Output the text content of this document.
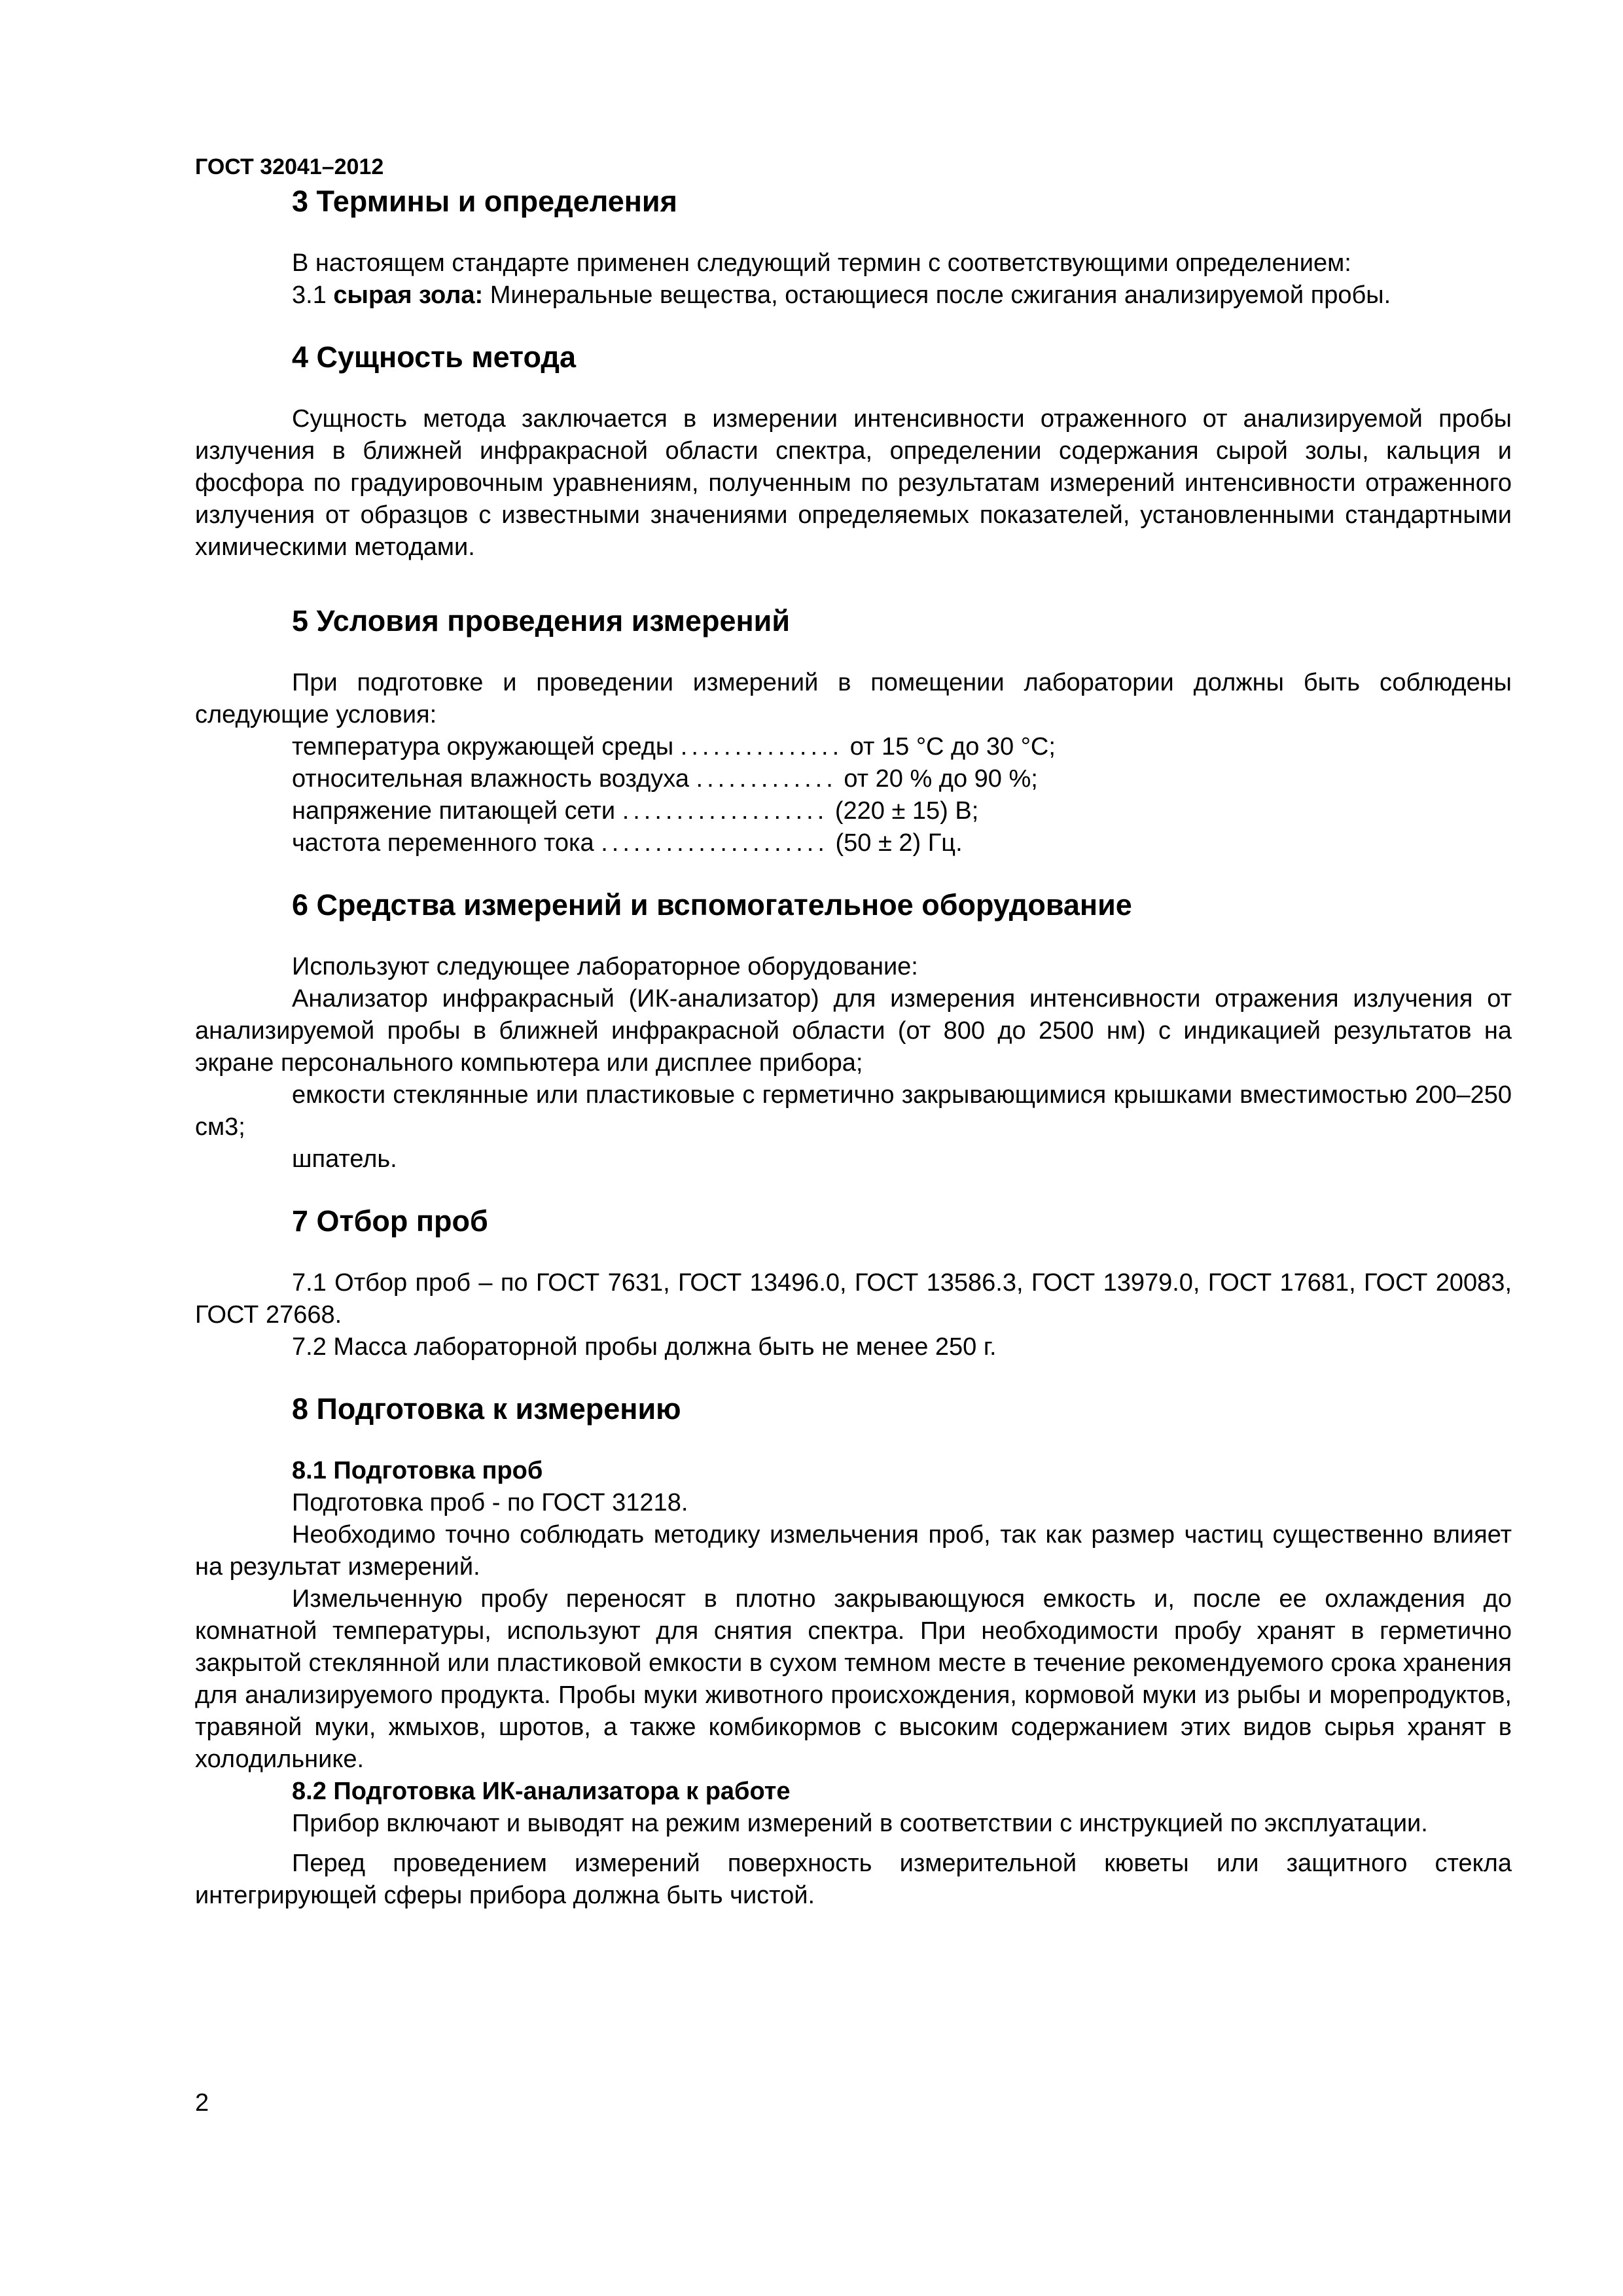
ГОСТ 32041–2012
3 Термины и определения

В настоящем стандарте применен следующий термин с соответствующими определением:

3.1 сырая зола: Минеральные вещества, остающиеся после сжигания анализируемой пробы.

4 Сущность метода

Сущность метода заключается в измерении интенсивности отраженного от анализируемой пробы излучения в ближней инфракрасной области спектра, определении содержания сырой золы, кальция и фосфора по градуировочным уравнениям, полученным по результатам измерений интенсивности отраженного излучения от образцов с известными значениями определяемых показателей, установленными стандартными химическими методами.

5 Условия проведения измерений

При подготовке и проведении измерений в помещении лаборатории должны быть соблюдены следующие условия:

температура окружающей среды ............... от 15 °С до 30 °С;

относительная влажность воздуха ............. от 20 % до 90 %;

напряжение питающей сети ................... (220 ± 15) В;

частота переменного тока ..................... (50 ± 2) Гц.

6 Средства измерений и вспомогательное оборудование

Используют следующее лабораторное оборудование:

Анализатор инфракрасный (ИК-анализатор) для измерения интенсивности отражения излучения от анализируемой пробы в ближней инфракрасной области (от 800 до 2500 нм) с индикацией результатов на экране персонального компьютера или дисплее прибора;

емкости стеклянные или пластиковые с герметично закрывающимися крышками вместимостью 200–250 см3;

шпатель.

7 Отбор проб

7.1 Отбор проб – по ГОСТ 7631, ГОСТ 13496.0, ГОСТ 13586.3, ГОСТ 13979.0, ГОСТ 17681, ГОСТ 20083, ГОСТ 27668.

7.2 Масса лабораторной пробы должна быть не менее 250 г.

8 Подготовка к измерению
8.1 Подготовка проб

Подготовка проб - по ГОСТ 31218.

Необходимо точно соблюдать методику измельчения проб, так как размер частиц существенно влияет на результат измерений.

Измельченную пробу переносят в плотно закрывающуюся емкость и, после ее охлаждения до комнатной температуры, используют для снятия спектра. При необходимости пробу хранят в герметично закрытой стеклянной или пластиковой емкости в сухом темном месте в течение рекомендуемого срока хранения для анализируемого продукта. Пробы муки животного происхождения, кормовой муки из рыбы и морепродуктов, травяной муки, жмыхов, шротов, а также комбикормов с высоким содержанием этих видов сырья хранят в холодильнике.

8.2 Подготовка ИК-анализатора к работе

Прибор включают и выводят на режим измерений в соответствии с инструкцией по эксплуатации.

Перед проведением измерений поверхность измерительной кюветы или защитного стекла интегрирующей сферы прибора должна быть чистой.

2
